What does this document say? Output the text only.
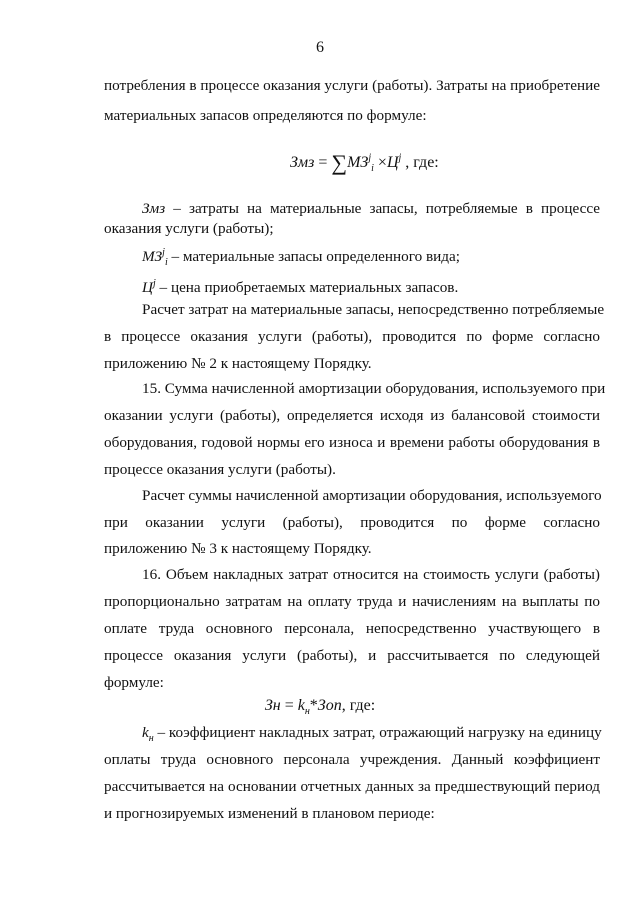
6
потребления в процессе оказания услуги (работы). Затраты на приобретение
материальных запасов определяются по формуле:
Змз = $\sum МЗ^j_i \times Ц^j$ , где:
Змз – затраты на материальные запасы, потребляемые в процессе
оказания услуги (работы);
$МЗ^j_i$ – материальные запасы определенного вида;
$Ц^j$ – цена приобретаемых материальных запасов.
Расчет затрат на материальные запасы, непосредственно потребляемые
в процессе оказания услуги (работы), проводится по форме согласно
приложению № 2 к настоящему Порядку.
15. Сумма начисленной амортизации оборудования, используемого при
оказании услуги (работы), определяется исходя из балансовой стоимости
оборудования, годовой нормы его износа и времени работы оборудования в
процессе оказания услуги (работы).
Расчет суммы начисленной амортизации оборудования, используемого
при оказании услуги (работы), проводится по форме согласно
приложению № 3 к настоящему Порядку.
16. Объем накладных затрат относится на стоимость услуги (работы)
пропорционально затратам на оплату труда и начислениям на выплаты по
оплате труда основного персонала, непосредственно участвующего в
процессе оказания услуги (работы), и рассчитывается по следующей
формуле:
Зн = $k_н*Зоп$, где:
$k_н$ – коэффициент накладных затрат, отражающий нагрузку на единицу
оплаты труда основного персонала учреждения. Данный коэффициент
рассчитывается на основании отчетных данных за предшествующий период
и прогнозируемых изменений в плановом периоде:
